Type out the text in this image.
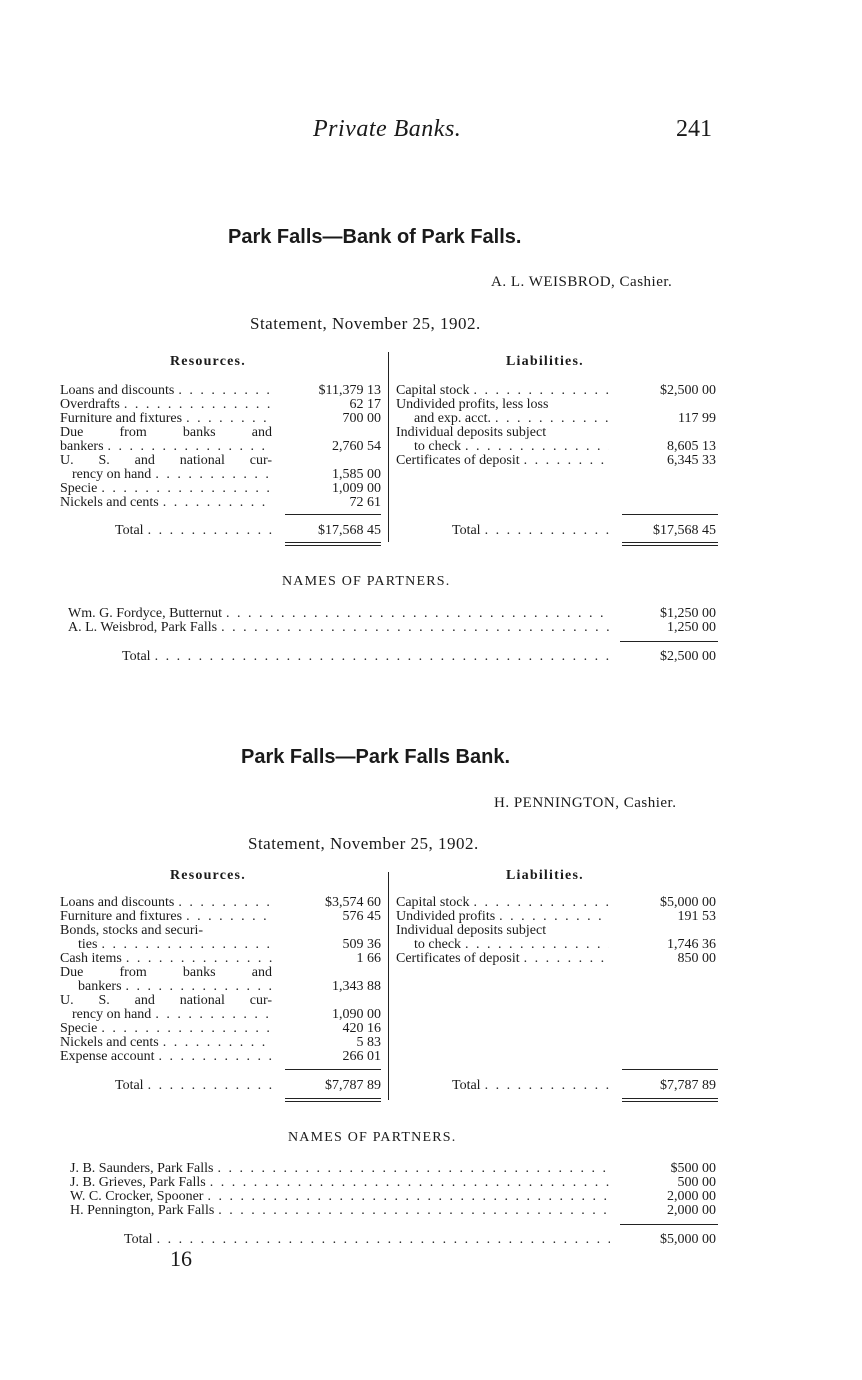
Private Banks.	241
Park Falls—Bank of Park Falls.
A. L. WEISBROD, Cashier.
Statement, November 25, 1902.
Resources.	Liabilities.
Loans and discounts . . .	$11,379 13
Overdrafts . . .	62 17
Furniture and fixtures . . .	700 00
Due from banks and
bankers . . .	2,760 54
U. S. and national cur-
rency on hand . . .	1,585 00
Specie . . .	1,009 00
Nickels and cents . . .	72 61
Total . . .	$17,568 45
Capital stock . . .	$2,500 00
Undivided profits, less loss
and exp. acct. . . .	117 99
Individual deposits subject
to check . . .	8,605 13
Certificates of deposit . . .	6,345 33
Total . . .	$17,568 45
NAMES OF PARTNERS.
Wm. G. Fordyce, Butternut . . .	$1,250 00
A. L. Weisbrod, Park Falls . . .	1,250 00
Total . . .	$2,500 00
Park Falls—Park Falls Bank.
H. PENNINGTON, Cashier.
Statement, November 25, 1902.
Resources.	Liabilities.
Loans and discounts . . .	$3,574 60
Furniture and fixtures . . .	576 45
Bonds, stocks and securi-
ties . . .	509 36
Cash items . . .	1 66
Due from banks and
bankers . . .	1,343 88
U. S. and national cur-
rency on hand . . .	1,090 00
Specie . . .	420 16
Nickels and cents . . .	5 83
Expense account . . .	266 01
Total . . .	$7,787 89
Capital stock . . .	$5,000 00
Undivided profits . . .	191 53
Individual deposits subject
to check . . .	1,746 36
Certificates of deposit . . .	850 00
Total . . .	$7,787 89
NAMES OF PARTNERS.
J. B. Saunders, Park Falls . . .	$500 00
J. B. Grieves, Park Falls . . .	500 00
W. C. Crocker, Spooner . . .	2,000 00
H. Pennington, Park Falls . . .	2,000 00
Total . . .	$5,000 00
16
